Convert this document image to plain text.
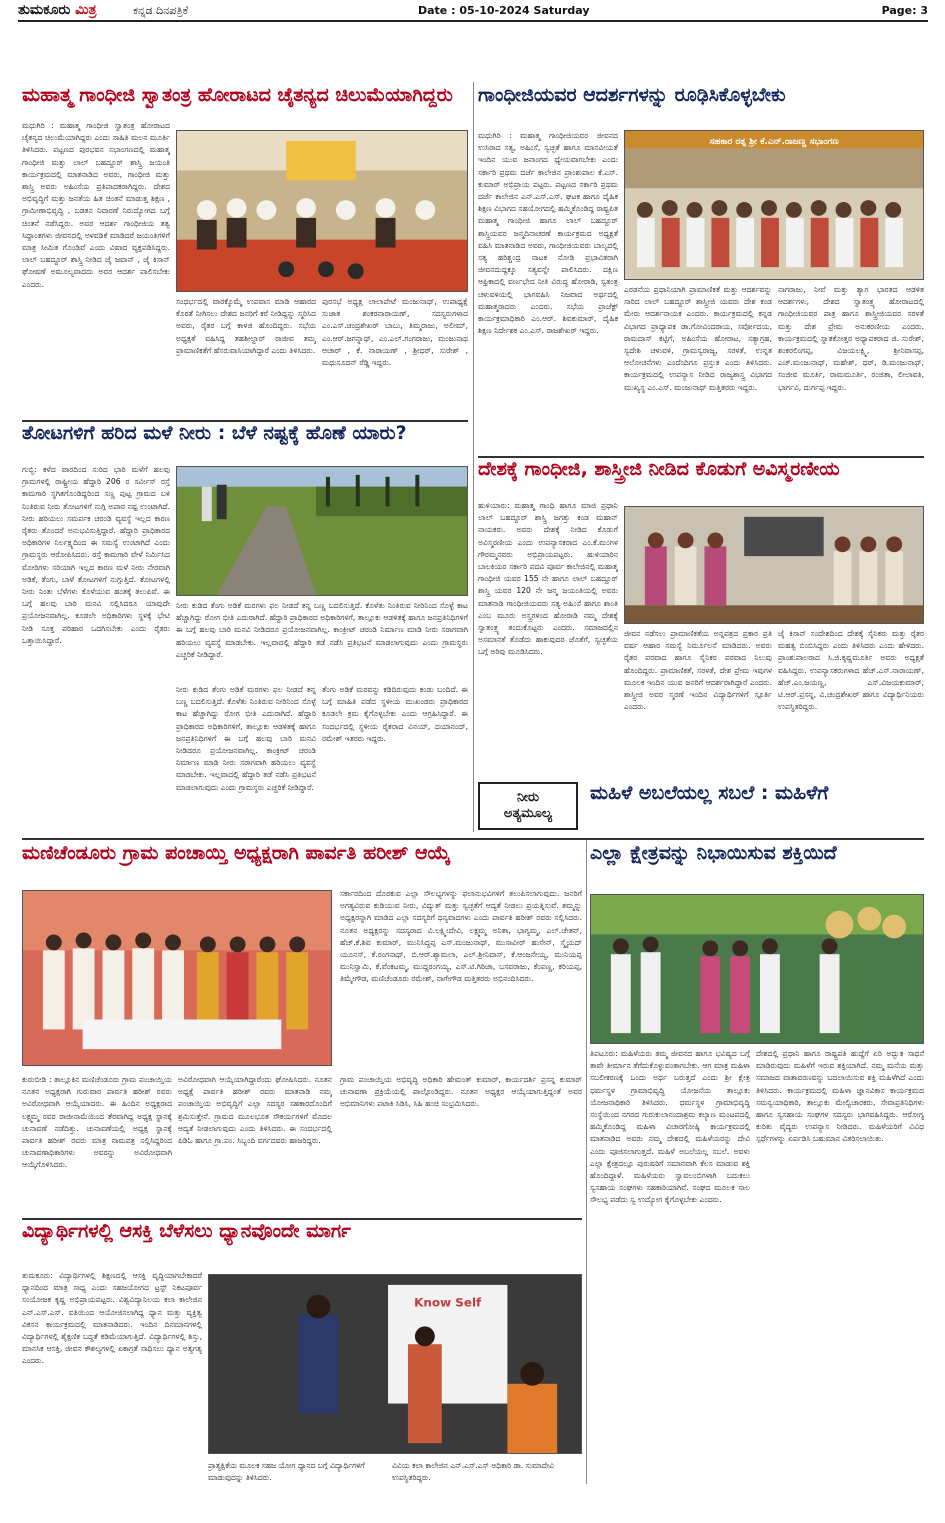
ತುಮಕೂರು ಮಿತ್ರ	ಕನ್ನಡ ದಿನಪತ್ರಿಕೆ	Date : 05-10-2024 Saturday	Page: 3
ಮಹಾತ್ಮ ಗಾಂಧೀಜಿ ಸ್ವಾತಂತ್ರ ಹೋರಾಟದ ಚೈತನ್ಯದ ಚಿಲುಮೆಯಾಗಿದ್ದರು
ಮಧುಗಿರಿ : ಮಹಾತ್ಮ ಗಾಂಧೀಜಿ ಸ್ವಾತಂತ್ರ ಹೋರಾಟದ ಚೈತನ್ಯದ ಚಿಲುಮೆಯಾಗಿದ್ದರು ಎಂದು ಸಾಹಿತಿ ಮಲನ ಮೂರ್ತಿ ತಿಳಿಸಿದರು. ಪಟ್ಟಣದ ಪುರಭವನ ಸಭಾಂಗಣದಲ್ಲಿ ಮಹಾತ್ಮ ಗಾಂಧೀಜಿ ಮತ್ತು ಲಾಲ್ ಬಹದ್ದೂರ್ ಶಾಸ್ತ್ರಿ ಜಯಂತಿ ಕಾರ್ಯಕ್ರಮದಲ್ಲಿ ಮಾತನಾಡಿದ ಅವರು, ಗಾಂಧೀಜಿ ಮತ್ತು ಶಾಸ್ತ್ರಿ ಅವರು ಅಹಿಂಸೆಯ ಪ್ರತಿಪಾದಕರಾಗಿದ್ದರು. ದೇಶದ ಅಭಿವೃದ್ಧಿಗೆ ಮತ್ತು ಜನತೆಯ ಹಿತ ಚಿಂತನೆ ಮಾಡುತ್ತ ಶಿಕ್ಷಣ , ಗ್ರಾಮೀಣಾಭಿವೃದ್ಧಿ , ಬಡತನ ನಿವಾರಣೆ ನಿರುದ್ಯೋಗದ ಬಗ್ಗೆ ಚಿಂತನೆ ನಡೆಸಿದ್ದರು. ಅವರ ಆದರ್ಶ ಗಾಂಧೀಜಿಯ ತತ್ವ ಸಿದ್ಧಾಂತಗಳು ಜೀವನದಲ್ಲಿ ಅಳವಡಿಕೆ ಮಾಡಿದರೆ ಜಯಂತಿಗಳಿಗೆ ಮಾತ್ರ ಸೀಮಿತ ಗೊಂಡಿವೆ ಎಂದು ವಿಷಾದ ವ್ಯಕ್ತಪಡಿಸಿದ್ದರು. ಲಾಲ್ ಬಹದ್ದೂರ್ ಶಾಸ್ತ್ರಿ ನೀಡಿದ ಜೈ ಜವಾನ್ , ಜೈ ಕಿಸಾನ್ ಘೋಷಣೆ ಅಮೂಲ್ಯವಾದದು ಅವರ ಆದರ್ಶ ಪಾಲಿಸಬೇಕು ಎಂದರು.
ಸಂಧರ್ಭದಲ್ಲಿ ವಾರಕ್ಕೊಮ್ಮೆ ಉಪವಾಸ ಮಾಡಿ ಆಹಾರದ ಕೊರತೆ ನೀಗಿಸಲು ದೇಶದ ಜನರಿಗೆ ಕರೆ ನೀಡಿದ್ದನ್ನು ಸ್ಮರಿಸಿದ ಅವರು, ರೈತರ ಬಗ್ಗೆ ಕಾಳಜಿ ಹೊಂದಿದ್ದರು. ಸಭೆಯ ಅಧ್ಯಕ್ಷತೆ ವಹಿಸಿದ್ದ ತಹಶೀಲ್ದಾರ್ ರಾಜೀವ ತಮ್ಮ ಪ್ರಾಮಾಣಿಕತೆಗೆ ಹೆಸರುವಾಸಿಯಾಗಿದ್ದಾರೆ ಎಂದು ತಿಳಿಸಿದರು.
ಪುರಸಭೆ ಅಧ್ಯಕ್ಷ ಲಾಲಾಪೇಟೆ ಮಂಜುನಾಥ್, ಉಪಾಧ್ಯಕ್ಷೆ ಸುಜಾತ ಶಂಕರನಾರಾಯಣ್, ಸದಸ್ಯರುಗಳಾದ ಎಂ.ಎಸ್.ಚಂದ್ರಶೇಖರ್ ಬಾಬು, ತಿಮ್ಮರಾಜು, ಅಲೀಮ್, ಎಂ.ಆರ್.ಜಗನ್ನಾಥ್, ಎಂ.ಎಲ್.ಗಂಗರಾಜು, ಮಂಜುನಾಥ ಆಚಾರ್ , ಕೆ. ನಾರಾಯಣ್ , ಶ್ರೀಧರ್, ಸುರೇಶ್ , ಮಧುಸೂದನ್ ರೆಡ್ಡಿ ಇದ್ದರು.
ತೋಟಗಳಿಗೆ ಹರಿದ ಮಳೆ ನೀರು : ಬೆಳೆ ನಷ್ಟಕ್ಕೆ ಹೊಣೆ ಯಾರು?
ಗುಬ್ಬಿ: ಕಳೆದ ವಾರದಿಂದ ಸುರಿದ ಭಾರಿ ಮಳೆಗೆ ಹಲವು ಗ್ರಾಮಗಳಲ್ಲಿ ರಾಷ್ಟ್ರೀಯ ಹೆದ್ದಾರಿ 206 ರ ಸರ್ವೀಸ್ ರಸ್ತೆ ಕಾಮಗಾರಿ ಸ್ಥಗಿತಗೊಂಡಿದ್ದರಿಂದ ಸಣ್ಣ ಪುಟ್ಟ ಗ್ರಾಮದ ಬಳಿ ನಿಂತಿರುವ ನೀರು ತೋಟಗಳಿಗೆ ನುಗ್ಗಿ ಅಪಾರ ನಷ್ಟ ಉಂಟಾಗಿದೆ. ನೀರು ಹರಿಯಲು ಸಮರ್ಪಕ ಚರಂಡಿ ವ್ಯವಸ್ಥೆ ಇಲ್ಲದ ಕಾರಣ ರೈತರು ತೊಂದರೆ ಅನುಭವಿಸುತ್ತಿದ್ದಾರೆ. ಹೆದ್ದಾರಿ ಪ್ರಾಧಿಕಾರದ ಅಧಿಕಾರಿಗಳ ನಿರ್ಲಕ್ಷ್ಯದಿಂದ ಈ ಸಮಸ್ಯೆ ಉಂಟಾಗಿದೆ ಎಂದು ಗ್ರಾಮಸ್ಥರು ಆರೋಪಿಸಿದರು. ರಸ್ತೆ ಕಾಮಗಾರಿ ವೇಳೆ ನಿರ್ಮಿಸಿದ ಮೋರಿಗಳು ಸರಿಯಾಗಿ ಇಲ್ಲದ ಕಾರಣ ಮಳೆ ನೀರು ನೇರವಾಗಿ ಅಡಿಕೆ, ತೆಂಗು, ಬಾಳೆ ತೋಟಗಳಿಗೆ ನುಗ್ಗುತ್ತಿದೆ. ತೋಟಗಳಲ್ಲಿ ನೀರು ನಿಂತು ಬೆಳೆಗಳು ಕೊಳೆಯುವ ಹಂತಕ್ಕೆ ತಲುಪಿವೆ. ಈ ಬಗ್ಗೆ ಹಲವು ಬಾರಿ ಮನವಿ ಸಲ್ಲಿಸಿದರೂ ಯಾವುದೇ ಪ್ರಯೋಜನವಾಗಿಲ್ಲ. ಕೂಡಲೇ ಅಧಿಕಾರಿಗಳು ಸ್ಥಳಕ್ಕೆ ಭೇಟಿ ನೀಡಿ ಸೂಕ್ತ ಪರಿಹಾರ ಒದಗಿಸಬೇಕು ಎಂದು ರೈತರು ಒತ್ತಾಯಿಸಿದ್ದಾರೆ.
ನೀರು ಕುಡಿದ ತೆಂಗು ಅಡಿಕೆ ಮರಗಳು ಫಲ ನೀಡದೆ ತನ್ನ ಬಣ್ಣ ಬದಲಿಸುತ್ತಿದೆ. ಕೊಳೆತು ನಿಂತಿರುವ ನೀರಿನಿಂದ ಸೊಳ್ಳೆ ಕಾಟ ಹೆಚ್ಚಾಗಿದ್ದು ರೋಗ ಭೀತಿ ಎದುರಾಗಿದೆ. ಹೆದ್ದಾರಿ ಪ್ರಾಧಿಕಾರದ ಅಧಿಕಾರಿಗಳಿಗೆ, ತಾಲ್ಲೂಕು ಆಡಳಿತಕ್ಕೆ ಹಾಗೂ ಜನಪ್ರತಿನಿಧಿಗಳಿಗೆ ಈ ಬಗ್ಗೆ ಹಲವು ಬಾರಿ ಮನವಿ ನೀಡಿದರೂ ಪ್ರಯೋಜನವಾಗಿಲ್ಲ. ಕಾಂಕ್ರೀಟ್ ಚರಂಡಿ ನಿರ್ಮಾಣ ಮಾಡಿ ನೀರು ಸರಾಗವಾಗಿ ಹರಿಯಲು ವ್ಯವಸ್ಥೆ ಮಾಡಬೇಕು. ಇಲ್ಲವಾದಲ್ಲಿ ಹೆದ್ದಾರಿ ತಡೆ ನಡೆಸಿ ಪ್ರತಿಭಟನೆ ಮಾಡಲಾಗುವುದು ಎಂದು ಗ್ರಾಮಸ್ಥರು ಎಚ್ಚರಿಕೆ ನೀಡಿದ್ದಾರೆ.
ನೀರು ಕುಡಿದ ತೆಂಗು ಅಡಿಕೆ ಮರಗಳು ಫಲ ನೀಡದೆ ತನ್ನ ಬಣ್ಣ ಬದಲಿಸುತ್ತಿದೆ. ಕೊಳೆತು ನಿಂತಿರುವ ನೀರಿನಿಂದ ಸೊಳ್ಳೆ ಕಾಟ ಹೆಚ್ಚಾಗಿದ್ದು ರೋಗ ಭೀತಿ ಎದುರಾಗಿದೆ. ಹೆದ್ದಾರಿ ಪ್ರಾಧಿಕಾರದ ಅಧಿಕಾರಿಗಳಿಗೆ, ತಾಲ್ಲೂಕು ಆಡಳಿತಕ್ಕೆ ಹಾಗೂ ಜನಪ್ರತಿನಿಧಿಗಳಿಗೆ ಈ ಬಗ್ಗೆ ಹಲವು ಬಾರಿ ಮನವಿ ನೀಡಿದರೂ ಪ್ರಯೋಜನವಾಗಿಲ್ಲ. ಕಾಂಕ್ರೀಟ್ ಚರಂಡಿ ನಿರ್ಮಾಣ ಮಾಡಿ ನೀರು ಸರಾಗವಾಗಿ ಹರಿಯಲು ವ್ಯವಸ್ಥೆ ಮಾಡಬೇಕು. ಇಲ್ಲವಾದಲ್ಲಿ ಹೆದ್ದಾರಿ ತಡೆ ನಡೆಸಿ ಪ್ರತಿಭಟನೆ ಮಾಡಲಾಗುವುದು ಎಂದು ಗ್ರಾಮಸ್ಥರು ಎಚ್ಚರಿಕೆ ನೀಡಿದ್ದಾರೆ.
ತೆಂಗು ಅಡಿಕೆ ಮರವನ್ನು ಕಡಿದಿರುವುದು ಕಂಡು ಬಂದಿದೆ. ಈ ಬಗ್ಗೆ ಮಾಹಿತಿ ಪಡೆದ ಸ್ಥಳೀಯ ಮುಖಂಡರು ಪ್ರಾಧಿಕಾರದ ಕೂಡಲೇ ಕ್ರಮ ಕೈಗೊಳ್ಳಬೇಕು ಎಂದು ಆಗ್ರಹಿಸಿದ್ದಾರೆ. ಈ ಸಂದರ್ಭದಲ್ಲಿ ಸ್ಥಳೀಯ ರೈತರಾದ ವಿನಯ್, ದಯಾನಂದ್, ರಮೇಶ್ ಇತರರು ಇದ್ದರು.
ನೀರು
ಅತ್ಯಮೂಲ್ಯ
ಗಾಂಧೀಜಿಯವರ ಆದರ್ಶಗಳನ್ನು ರೂಢಿಸಿಕೊಳ್ಳಬೇಕು
ಮಧುಗಿರಿ : ಮಹಾತ್ಮ ಗಾಂಧೀಜಿಯವರ ಜೀವನದ ಉಸಿರಾದ ಸತ್ಯ, ಅಹಿಂಸೆ, ಸ್ವಚ್ಛತೆ ಹಾಗೂ ಮಾನವೀಯತೆ ಇಂದಿನ ಯುವ ಜನಾಂಗದ ಧ್ಯೇಯವಾಗಬೇಕು ಎಂದು ಸರ್ಕಾರಿ ಪ್ರಥಮ ದರ್ಜೆ ಕಾಲೇಜಿನ ಪ್ರಾಂಶುಪಾಲ ಕೆ.ಎಸ್. ಕುಮಾರ್ ಅಭಿಪ್ರಾಯ ಪಟ್ಟರು. ಪಟ್ಟಣದ ಸರ್ಕಾರಿ ಪ್ರಥಮ ದರ್ಜೆ ಕಾಲೇಜಿನ ಎನ್.ಎಸ್.ಎಸ್. ಘಟಕ ಹಾಗೂ ದೈಹಿಕ ಶಿಕ್ಷಣ ವಿಭಾಗದ ಸಹಯೋಗದಲ್ಲಿ ಹಮ್ಮಿಕೊಂಡಿದ್ದ ರಾಷ್ಟ್ರಪಿತ ಮಹಾತ್ಮ ಗಾಂಧೀಜಿ ಹಾಗೂ ಲಾಲ್ ಬಹದ್ದೂರ್ ಶಾಸ್ತ್ರಿಯವರ ಜನ್ಮದಿನಾಚರಣೆ ಕಾರ್ಯಕ್ರಮದ ಅಧ್ಯಕ್ಷತೆ ವಹಿಸಿ ಮಾತನಾಡಿದ ಅವರು, ಗಾಂಧೀಜಿಯವರು ಬಾಲ್ಯದಲ್ಲಿ ಸತ್ಯ ಹರಿಶ್ಚಂದ್ರ ನಾಟಕ ನೋಡಿ ಪ್ರಭಾವಿತರಾಗಿ ಜೀವನದುದ್ದಕ್ಕೂ ಸತ್ಯವನ್ನೇ ಪಾಲಿಸಿದರು. ದಕ್ಷಿಣ ಆಫ್ರಿಕಾದಲ್ಲಿ ವರ್ಣಭೇದ ನೀತಿ ವಿರುದ್ಧ ಹೋರಾಡಿ, ಸ್ವತಂತ್ರ ಚಳುವಳಿಯಲ್ಲಿ ಭಾಗವಹಿಸಿ ನಿಜವಾದ ಅರ್ಥದಲ್ಲಿ ಮಹಾತ್ಮರಾದರು ಎಂದರು. ಸಭೆಯ ಪ್ರಾಜೆಕ್ಟ್ ಕಾರ್ಯಕ್ರಮಾಧಿಕಾರಿ ಎಂ.ಆರ್. ಶಿವಕುಮಾರ್, ದೈಹಿಕ ಶಿಕ್ಷಣ ನಿರ್ದೇಶಕ ಎಂ.ಎಸ್. ರಾಜಶೇಖರ್ ಇದ್ದರು.
ಸಹಕಾರ ರತ್ನ ಶ್ರೀ ಕೆ.ಎನ್.ರಾಜಣ್ಣ ಸಭಾಂಗಣ
ಎರಡನೆಯ ಪ್ರಧಾನಿಯಾಗಿ ಪ್ರಾಮಾಣಿಕತೆ ಮತ್ತು ಆದರ್ಶವನ್ನು ಸಾರಿದ ಲಾಲ್ ಬಹದ್ದೂರ್ ಶಾಸ್ತ್ರೀಜಿ ಯವರು ದೇಶ ಕಂಡ ಮೇರು ಆದರ್ಶನಾಯಕ ಎಂದರು. ಕಾರ್ಯಕ್ರಮದಲ್ಲಿ ಕನ್ನಡ ವಿಭಾಗದ ಪ್ರಾಧ್ಯಾಪಕ ಡಾ.ಗೋವಿಂದರಾಯ, ಸರ್ವೋದಯ, ರಾಮದಾಸ್ ಕಟ್ಟಿಗೆ, ಅಹಿಂಸೆಯ ಹೋರಾಟ, ಸತ್ಯಾಗ್ರಹ, ಸ್ವದೇಶಿ ಚಳುವಳಿ, ಗ್ರಾಮಸ್ವರಾಜ್ಯ, ಸರಳತೆ, ಉನ್ನತ ಆಲೋಚನೆಗಳು ಎಂದೆಂದಿಗೂ ಪ್ರಸ್ತುತ ಎಂದು ತಿಳಿಸಿದರು. ಕಾರ್ಯಕ್ರಮದಲ್ಲಿ ಉಪನ್ಯಾಸ ನೀಡಿದ ರಾಜ್ಯಶಾಸ್ತ್ರ ವಿಭಾಗದ ಮುಖ್ಯಸ್ಥ ಎಂ.ಎಸ್. ಮಂಜುನಾಥ್ ಮತ್ತಿತರರು ಇದ್ದರು.
ನಾಗರಾಜು, ನೀವೆ ಮತ್ತು ತ್ಯಾಗ ಭಾರತದ ಆಡಳಿತ ಆದರ್ಶಗಳು, ದೇಶದ ಸ್ವಾತಂತ್ರ್ಯ ಹೋರಾಟದಲ್ಲಿ ಗಾಂಧೀಜಿಯವರ ಪಾತ್ರ ಹಾಗೂ ಶಾಸ್ತ್ರೀಜಿಯವರ ಸರಳತೆ ಮತ್ತು ದೇಶ ಪ್ರೇಮ ಅನುಕರಣೀಯ ಎಂದರು. ಕಾರ್ಯಕ್ರಮದಲ್ಲಿ ಸ್ನಾತಕೋತ್ತರ ಅಧ್ಯಾಪಕರಾದ ಜಿ. ಸುರೇಶ್, ಶಂಕರಲಿಂಗಪ್ಪ, ವಿಜಯಲಕ್ಷ್ಮಿ, ಶ್ರೀನಿವಾಸಪ್ಪ, ಎಚ್.ಮಂಜುನಾಥ್, ಮಹೇಶ್, ಧರ್, ಡಿ.ಮಂಜುನಾಥ್, ಸಂಜೀವ ಮೂರ್ತಿ, ರಾಮಮೂರ್ತಿ, ರಂಜಿತಾ, ಲೀಲಾವತಿ, ಭಾರ್ಗವಿ, ದುರ್ಗಪ್ಪ ಇದ್ದರು.
ದೇಶಕ್ಕೆ ಗಾಂಧೀಜಿ, ಶಾಸ್ತ್ರೀಜಿ ನೀಡಿದ ಕೊಡುಗೆ ಅವಿಸ್ಮರಣೀಯ
ಹುಳಿಯಾರು: ಮಹಾತ್ಮ ಗಾಂಧಿ ಹಾಗೂ ಮಾಜಿ ಪ್ರಧಾನಿ ಲಾಲ್ ಬಹದ್ದೂರ್ ಶಾಸ್ತ್ರಿ ಜಗತ್ತು ಕಂಡ ಮಹಾನ್ ನಾಯಕರು. ಅವರು ದೇಶಕ್ಕೆ ನೀಡಿದ ಕೊಡುಗೆ ಅವಿಸ್ಮರಣೀಯ ಎಂದು ಉಪನ್ಯಾಸಕರಾದ ಎಂ.ಕೆ.ಮಂಗಳ ಗೌರಮ್ಮನವರು ಅಭಿಪ್ರಾಯಪಟ್ಟರು. ಹುಳಿಯಾರಿನ ಬಾಲಕಿಯರ ಸರ್ಕಾರಿ ಪದವಿ ಪೂರ್ವ ಕಾಲೇಜಿನಲ್ಲಿ ಮಹಾತ್ಮ ಗಾಂಧೀಜಿ ಯವರ 155 ನೇ ಹಾಗೂ ಲಾಲ್ ಬಹದ್ದೂರ್ ಶಾಸ್ತ್ರಿ ಯವರ 120 ನೇ ಜನ್ಮ ಜಯಂತಿಯಲ್ಲಿ ಅವರು ಮಾತನಾಡಿ ಗಾಂಧೀಜಿಯವರು ಸತ್ಯ ಅಹಿಂಸೆ ಹಾಗೂ ಶಾಂತಿ ಎಂಬ ಮೂರು ಅಸ್ತ್ರಗಳಿಂದ ಹೋರಾಡಿ ನಮ್ಮ ದೇಶಕ್ಕೆ ಸ್ವಾತಂತ್ರ್ಯ ತಂದುಕೊಟ್ಟರು ಎಂದರು. ಸಮಾಜದಲ್ಲಿನ ಅಸಮಾನತೆ ತೊಡೆದು ಹಾಕುವುದರ ಜೊತೆಗೆ, ಸ್ವಚ್ಛತೆಯ ಬಗ್ಗೆ ಅರಿವು ಮೂಡಿಸಿದರು.
ಜೀವನ ನಡೆಸಲು ಪ್ರಾಮಾಣಿಕತೆಯ ಅನ್ನಪತ್ರದ ಪ್ರಕಾರ ಪ್ರತಿ ವರ್ಷ ಆಹಾರ ಸಮಸ್ಯೆ ನಿರ್ಮೂಲನೆ ಮಾಡಿದರು. ಅವರು ರೈತರ ಪರವಾದ ಹಾಗೂ ಸೈನಿಕರ ಪರವಾದ ನಿಲುವು ಹೊಂದಿದ್ದರು. ಪ್ರಾಮಾಣಿಕತೆ, ಸರಳತೆ, ದೇಶ ಪ್ರೇಮ ಇವುಗಳ ಮೂಲಕ ಇಂದಿನ ಯುವ ಜನರಿಗೆ ಆದರ್ಶರಾಗಿದ್ದಾರೆ ಎಂದರು. ಶಾಸ್ತ್ರೀಜಿ ಅವರ ಸ್ಮರಣೆ ಇಂದಿನ ವಿದ್ಯಾರ್ಥಿಗಳಿಗೆ ಸ್ಪೂರ್ತಿ ಎಂದರು.
ಜೈ ಕಿಸಾನ್ ಸಂದೇಶದಿಂದ ದೇಶಕ್ಕೆ ಸೈನಿಕರು ಮತ್ತು ರೈತರ ಮಹತ್ವ ಬಿಂಬಿಸಿದ್ದರು ಎಂದು ತಿಳಿಸಿದರು ಎಂದು ಹೇಳಿದರು. ಪ್ರಾಂಶುಪಾಲರಾದ ಸಿ.ಜಿ.ಕೃಷ್ಣಮೂರ್ತಿ ಅವರು ಅಧ್ಯಕ್ಷತೆ ವಹಿಸಿದ್ದರು. ಉಪನ್ಯಾಸಕರುಗಳಾದ ಹೆಚ್.ಎಸ್.ನಾರಾಯಣ್, ಹೆಚ್.ಎಂ.ಜಯಣ್ಣ, ಎಸ್.ವಿಜಯಕುಮಾರ್, ಟಿ.ಆರ್.ಪ್ರಸನ್ನ, ವಿ.ಚಂದ್ರಶೇಖರ್ ಹಾಗೂ ವಿದ್ಯಾರ್ಥಿನಿಯರು ಉಪಸ್ಥಿತರಿದ್ದರು.
ಮಹಿಳೆ ಅಬಲೆಯಲ್ಲ ಸಬಲೆ : ಮಹಿಳೆಗೆ
ಎಲ್ಲಾ ಕ್ಷೇತ್ರವನ್ನು ನಿಭಾಯಿಸುವ ಶಕ್ತಿಯಿದೆ
ಮಣಿಚೆಂಡೂರು ಗ್ರಾಮ ಪಂಚಾಯ್ತಿ ಅಧ್ಯಕ್ಷರಾಗಿ ಪಾರ್ವತಿ ಹರೀಶ್ ಆಯ್ಕೆ
ಸರ್ಕಾರದಿಂದ ದೊರಕುವ ಎಲ್ಲಾ ಸೌಲಭ್ಯಗಳನ್ನು ಫಲಾನುಭವಿಗಳಿಗೆ ತಲುಪಿಸಲಾಗುವುದು. ಜನರಿಗೆ ಅಗತ್ಯವಿರುವ ಕುಡಿಯುವ ನೀರು, ವಿದ್ಯುತ್ ಮತ್ತು ಸ್ವಚ್ಛತೆಗೆ ಆದ್ಯತೆ ನೀಡಲು ಪ್ರಯತ್ನಿಸುವೆ. ತಮ್ಮನ್ನು ಅಧ್ಯಕ್ಷರನ್ನಾಗಿ ಮಾಡಿದ ಎಲ್ಲಾ ಸದಸ್ಯರಿಗೆ ಧನ್ಯವಾದಗಳು ಎಂದು ಪಾರ್ವತಿ ಹರೀಶ್ ರವರು ಸಲ್ಲಿಸಿದರು. ನೂತನ ಅಧ್ಯಕ್ಷರನ್ನು ಸದಸ್ಯರಾದ ವಿ.ಲಕ್ಷ್ಮೀದೇವಿ, ಲಕ್ಷ್ಮಮ್ಮ ಅನಿತಾ, ಭಾಗ್ಯಮ್ಮ, ಎಲ್.ಚೇತನ್, ಹೆಚ್.ಕೆ.ಶಿವ ಕುಮಾರ್, ಮುನಿಸಿದ್ಧಪ್ಪ ಎಸ್.ಮಂಜುನಾಥ್, ಮುಸಾವೀರ್ ಹುಸೇನ್, ಸ್ಮೈಯದ್ ಯೂನಸ್, ಕೆ.ರಂಗನಾಥ್, ಬಿ.ಆರ್.ಶ್ಯಾಮಲಾ, ಎಲ್.ಶ್ರೀನಿವಾಸ್, ಕೆ.ಆಂಜನೇಯ್ಯ, ಮುನಿಯಪ್ಪ ಮುನಿಸ್ವಾಮಿ, ಕೆ.ವೆಂಕಟಮ್ಮ, ಮುದ್ದರಂಗಯ್ಯ, ಎಸ್.ಟಿ.ಗಿರಿಜಾ, ಬಸವರಾಜು, ಕೆಂಪಣ್ಣ, ಕರಿಯಪ್ಪ, ತಿಮ್ಮೇಗೌಡ, ಮಣಿಚೆಂಡೂರು ರಮೇಶ್, ನಾಗೇಗೌಡ ಮತ್ತಿತರರು ಅಭಿನಂದಿಸಿದರು.
ಕುರುಬೀಡಿ : ತಾಲ್ಲೂಕಿನ ಮಣಿಚೆಂಡೂರು ಗ್ರಾಮ ಪಂಚಾಯ್ತಿಯ ನೂತನ ಅಧ್ಯಕ್ಷರಾಗಿ ಗುರುವಾರ ಪಾರ್ವತಿ ಹರೀಶ್ ರವರು ಅವಿರೋಧವಾಗಿ ಆಯ್ಕೆಯಾದರು. ಈ ಹಿಂದಿನ ಅಧ್ಯಕ್ಷರಾದ ಲಕ್ಷ್ಮಮ್ಮ ರವರ ರಾಜೀನಾಮೆಯಿಂದ ತೆರವಾಗಿದ್ದ ಅಧ್ಯಕ್ಷ ಸ್ಥಾನಕ್ಕೆ ಚುನಾವಣೆ ನಡೆದಿತ್ತು. ಚುನಾವಣೆಯಲ್ಲಿ ಅಧ್ಯಕ್ಷ ಸ್ಥಾನಕ್ಕೆ ಪಾರ್ವತಿ ಹರೀಶ್ ರವರು ಮಾತ್ರ ನಾಮಪತ್ರ ಸಲ್ಲಿಸಿದ್ದರಿಂದ ಚುನಾವಣಾಧಿಕಾರಿಗಳು ಅವರನ್ನು ಅವಿರೋಧವಾಗಿ ಆಯ್ಕೆಗೊಳಿಸಿದರು.
ಅವಿರೋಧವಾಗಿ ಆಯ್ಕೆಯಾಗಿದ್ದಾರೆಂದು ಘೋಷಿಸಿದರು. ನೂತನ ಅಧ್ಯಕ್ಷೆ ಪಾರ್ವತಿ ಹರೀಶ್ ರವರು ಮಾತನಾಡಿ ನಮ್ಮ ಪಂಚಾಯ್ತಿಯ ಅಭಿವೃದ್ಧಿಗೆ ಎಲ್ಲಾ ಸದಸ್ಯರ ಸಹಕಾರದೊಂದಿಗೆ ಶ್ರಮಿಸುತ್ತೇನೆ. ಗ್ರಾಮದ ಮೂಲಭೂತ ಸೌಕರ್ಯಗಳಿಗೆ ಮೊದಲ ಆದ್ಯತೆ ನೀಡಲಾಗುವುದು ಎಂದು ತಿಳಿಸಿದರು. ಈ ಸಂದರ್ಭದಲ್ಲಿ ಪಿಡಿಓ ಹಾಗೂ ಗ್ರಾ.ಪಂ. ಸಿಬ್ಬಂದಿ ವರ್ಗದವರು ಹಾಜರಿದ್ದರು.
ಗ್ರಾಮ ಪಂಚಾಯ್ತಿಯ ಅಭಿವೃದ್ಧಿ ಅಧಿಕಾರಿ ಹೇಮಂತ್ ಕುಮಾರ್, ಕಾರ್ಯದರ್ಶಿ ಪ್ರಸನ್ನ ಕುಮಾರ್ ಚುನಾವಣಾ ಪ್ರಕ್ರಿಯೆಯಲ್ಲಿ ಪಾಲ್ಗೊಂಡಿದ್ದರು. ನೂತನ ಅಧ್ಯಕ್ಷರ ಆಯ್ಕೆಯಾಗುತ್ತಿದ್ದಂತೆ ಅವರ ಅಭಿಮಾನಿಗಳು ಪಟಾಕಿ ಸಿಡಿಸಿ, ಸಿಹಿ ಹಂಚಿ ಸಂಭ್ರಮಿಸಿದರು.
ತಿಪಟೂರು: ಮಹಿಳೆಯರು ತಮ್ಮ ಜೀವನದ ಹಾಗೂ ಭವಿಷ್ಯದ ಬಗ್ಗೆ ತಾವೇ ತೀರ್ಮಾನ ತೆಗೆದುಕೊಳ್ಳುವಂತಾಗಬೇಕು. ಆಗ ಮಾತ್ರ ಮಹಿಳಾ ಸಬಲೀಕರಣಕ್ಕೆ ಒಂದು ಅರ್ಥ ಬರುತ್ತದೆ ಎಂದು ಶ್ರೀ ಕ್ಷೇತ್ರ ಧರ್ಮಸ್ಥಳ ಗ್ರಾಮಾಭಿವೃದ್ಧಿ ಯೋಜನೆಯ ತಾಲ್ಲೂಕು ಯೋಜನಾಧಿಕಾರಿ ತಿಳಿಸಿದರು. ಧರ್ಮಸ್ಥಳ ಗ್ರಾಮಾಭಿವೃದ್ಧಿ ಸಂಸ್ಥೆಯಿಂದ ನಗರದ ಗುರುಕುಲಾನಂದಾಶ್ರಮ ಕಲ್ಯಾಣ ಮಂಟಪದಲ್ಲಿ ಹಮ್ಮಿಕೊಂಡಿದ್ದ ಮಹಿಳಾ ವಿಚಾರಗೋಷ್ಠಿ ಕಾರ್ಯಕ್ರಮದಲ್ಲಿ ಮಾತನಾಡಿದ ಅವರು ನಮ್ಮ ದೇಶದಲ್ಲಿ ಮಹಿಳೆಯರನ್ನು ದೇವಿ ಎಂದು ಪೂಜಿಸಲಾಗುತ್ತದೆ. ಮಹಿಳೆ ಅಬಲೆಯಲ್ಲ ಸಬಲೆ. ಅವಳು ಎಲ್ಲಾ ಕ್ಷೇತ್ರದಲ್ಲೂ ಪುರುಷರಿಗೆ ಸಮಾನವಾಗಿ ಕೆಲಸ ಮಾಡುವ ಶಕ್ತಿ ಹೊಂದಿದ್ದಾಳೆ. ಮಹಿಳೆಯರು ಸ್ವಾವಲಂಬಿಗಳಾಗಿ ಬದುಕಲು ಸ್ವಸಹಾಯ ಸಂಘಗಳು ಸಹಕಾರಿಯಾಗಿವೆ. ಸಂಘದ ಮೂಲಕ ಸಾಲ ಸೌಲಭ್ಯ ಪಡೆದು ಸ್ವ ಉದ್ಯೋಗ ಕೈಗೊಳ್ಳಬೇಕು ಎಂದರು.
ದೇಶದಲ್ಲಿ ಪ್ರಧಾನಿ ಹಾಗೂ ರಾಷ್ಟ್ರಪತಿ ಹುದ್ದೆಗೆ ಏರಿ ಅದ್ಭುತ ಸಾಧನೆ ಮಾಡಿರುವುದು ಮಹಿಳೆಗೆ ಇರುವ ಶಕ್ತಿಯಾಗಿದೆ. ನಮ್ಮ ಮನೆಯ ಮತ್ತು ಸಮಾಜದ ವಾತಾವರಣವನ್ನು ಬದಲಾಯಿಸುವ ಶಕ್ತಿ ಮಹಿಳೆಗಿದೆ ಎಂದು ತಿಳಿಸಿದರು. ಕಾರ್ಯಕ್ರಮದಲ್ಲಿ ಮಹಿಳಾ ಜ್ಞಾನವಿಕಾಸ ಕಾರ್ಯಕ್ರಮದ ಸಮನ್ವಯಾಧಿಕಾರಿ, ತಾಲ್ಲೂಕು ಮೇಲ್ವಿಚಾರಕರು, ಸೇವಾಪ್ರತಿನಿಧಿಗಳು ಹಾಗೂ ಸ್ವಸಹಾಯ ಸಂಘಗಳ ಸದಸ್ಯರು ಭಾಗವಹಿಸಿದ್ದರು. ಆರೋಗ್ಯ ಕುರಿತು ವೈದ್ಯರು ಉಪನ್ಯಾಸ ನೀಡಿದರು. ಮಹಿಳೆಯರಿಗೆ ವಿವಿಧ ಸ್ಪರ್ಧೆಗಳನ್ನು ಏರ್ಪಡಿಸಿ ಬಹುಮಾನ ವಿತರಿಸಲಾಯಿತು.
ವಿದ್ಯಾರ್ಥಿಗಳಲ್ಲಿ ಆಸಕ್ತಿ ಬೆಳೆಸಲು ಧ್ಯಾನವೊಂದೇ ಮಾರ್ಗ
ತುಮಕೂರು: ವಿದ್ಯಾರ್ಥಿಗಳಲ್ಲಿ ಶಿಕ್ಷಣದಲ್ಲಿ ಆಸಕ್ತಿ ವೃದ್ಧಿಯಾಗಬೇಕಾದರೆ ಧ್ಯಾನದಿಂದ ಮಾತ್ರ ಸಾಧ್ಯ ಎಂದು ಸಹಜಯೋಗದ ಟ್ರಸ್ಟ್ ನಿಕಟಪೂರ್ವ ಸಂಯೋಜಕ ಕೃಷ್ಣ ಅಭಿಪ್ರಾಯಪಟ್ಟರು. ವಿಶ್ವವಿದ್ಯಾನಿಲಯ ಕಲಾ ಕಾಲೇಜಿನ ಎನ್.ಎಸ್.ಎಸ್. ವತಿಯಿಂದ ಆಯೋಜಿಸಲಾಗಿದ್ದ ಧ್ಯಾನ ಮತ್ತು ವ್ಯಕ್ತಿತ್ವ ವಿಕಸನ ಕಾರ್ಯಕ್ರಮದಲ್ಲಿ ಮಾತನಾಡಿದರು. ಇಂದಿನ ದಿನಮಾನಗಳಲ್ಲಿ ವಿದ್ಯಾರ್ಥಿಗಳಲ್ಲಿ ಶೈಕ್ಷಣಿಕ ಬದ್ಧತೆ ಕಡಿಮೆಯಾಗುತ್ತಿದೆ. ವಿದ್ಯಾರ್ಥಿಗಳಲ್ಲಿ ಶಿಸ್ತು, ಮಾನಸಿಕ ಆಸಕ್ತಿ, ಜೀವನ ಕೌಶಲ್ಯಗಳಲ್ಲಿ ಏಕಾಗ್ರತೆ ಸಾಧಿಸಲು ಧ್ಯಾನ ಅತ್ಯಗತ್ಯ ಎಂದರು.
Know Self
ಪ್ರಾತ್ಯಕ್ಷಿಕೆಯ ಮೂಲಕ ಸಹಜ ಯೋಗ ಧ್ಯಾನದ ಬಗ್ಗೆ ವಿದ್ಯಾರ್ಥಿಗಳಿಗೆ ಮಾಡುವುದನ್ನು ತಿಳಿಸಿದರು.
ವಿವಿಯ ಕಲಾ ಕಾಲೇಜಿನ ಎನ್.ಎಸ್.ಎಸ್ ಅಧಿಕಾರಿ ಡಾ. ಸುಮಾದೇವಿ ಉಪಸ್ಥಿತರಿದ್ದರು.
